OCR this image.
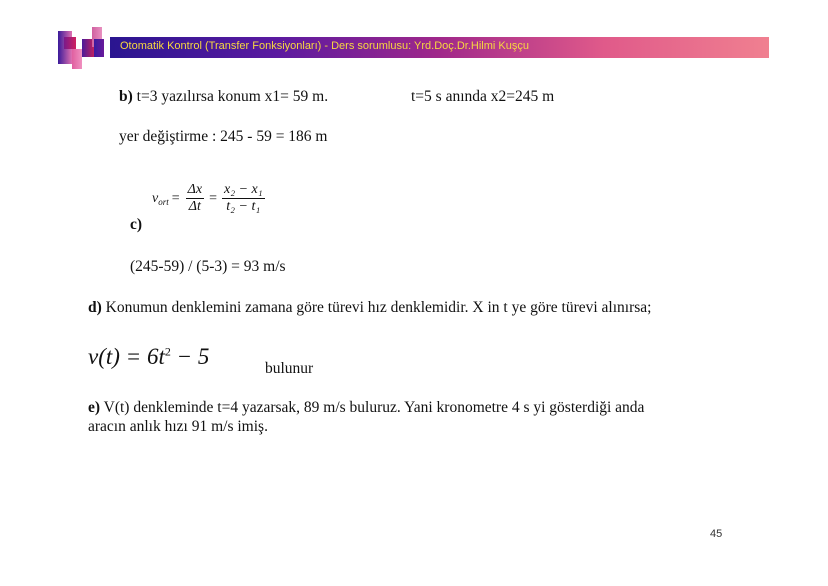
Otomatik Kontrol (Transfer Fonksiyonları) - Ders sorumlusu: Yrd.Doç.Dr.Hilmi Kuşçu
b) t=3 yazılırsa konum x1= 59 m.	t=5 s anında x2=245 m
yer değiştirme : 245 - 59 = 186 m
$v_{ort} = \frac{\Delta x}{\Delta t} = \frac{\text{x₂ − x₁}}{\text{t₂ − t₁}}$
c)
(245-59) / (5-3) = 93 m/s
d) Konumun denklemini zamana göre türevi hız denklemidir. X in t ye göre türevi alınırsa;
$v(t) = 6t^2 - 5$	bulunur
e) V(t) denkleminde t=4 yazarsak, 89 m/s buluruz. Yani kronometre 4 s yi gösterdiği anda
aracın anlık hızı 91 m/s imiş.
45
